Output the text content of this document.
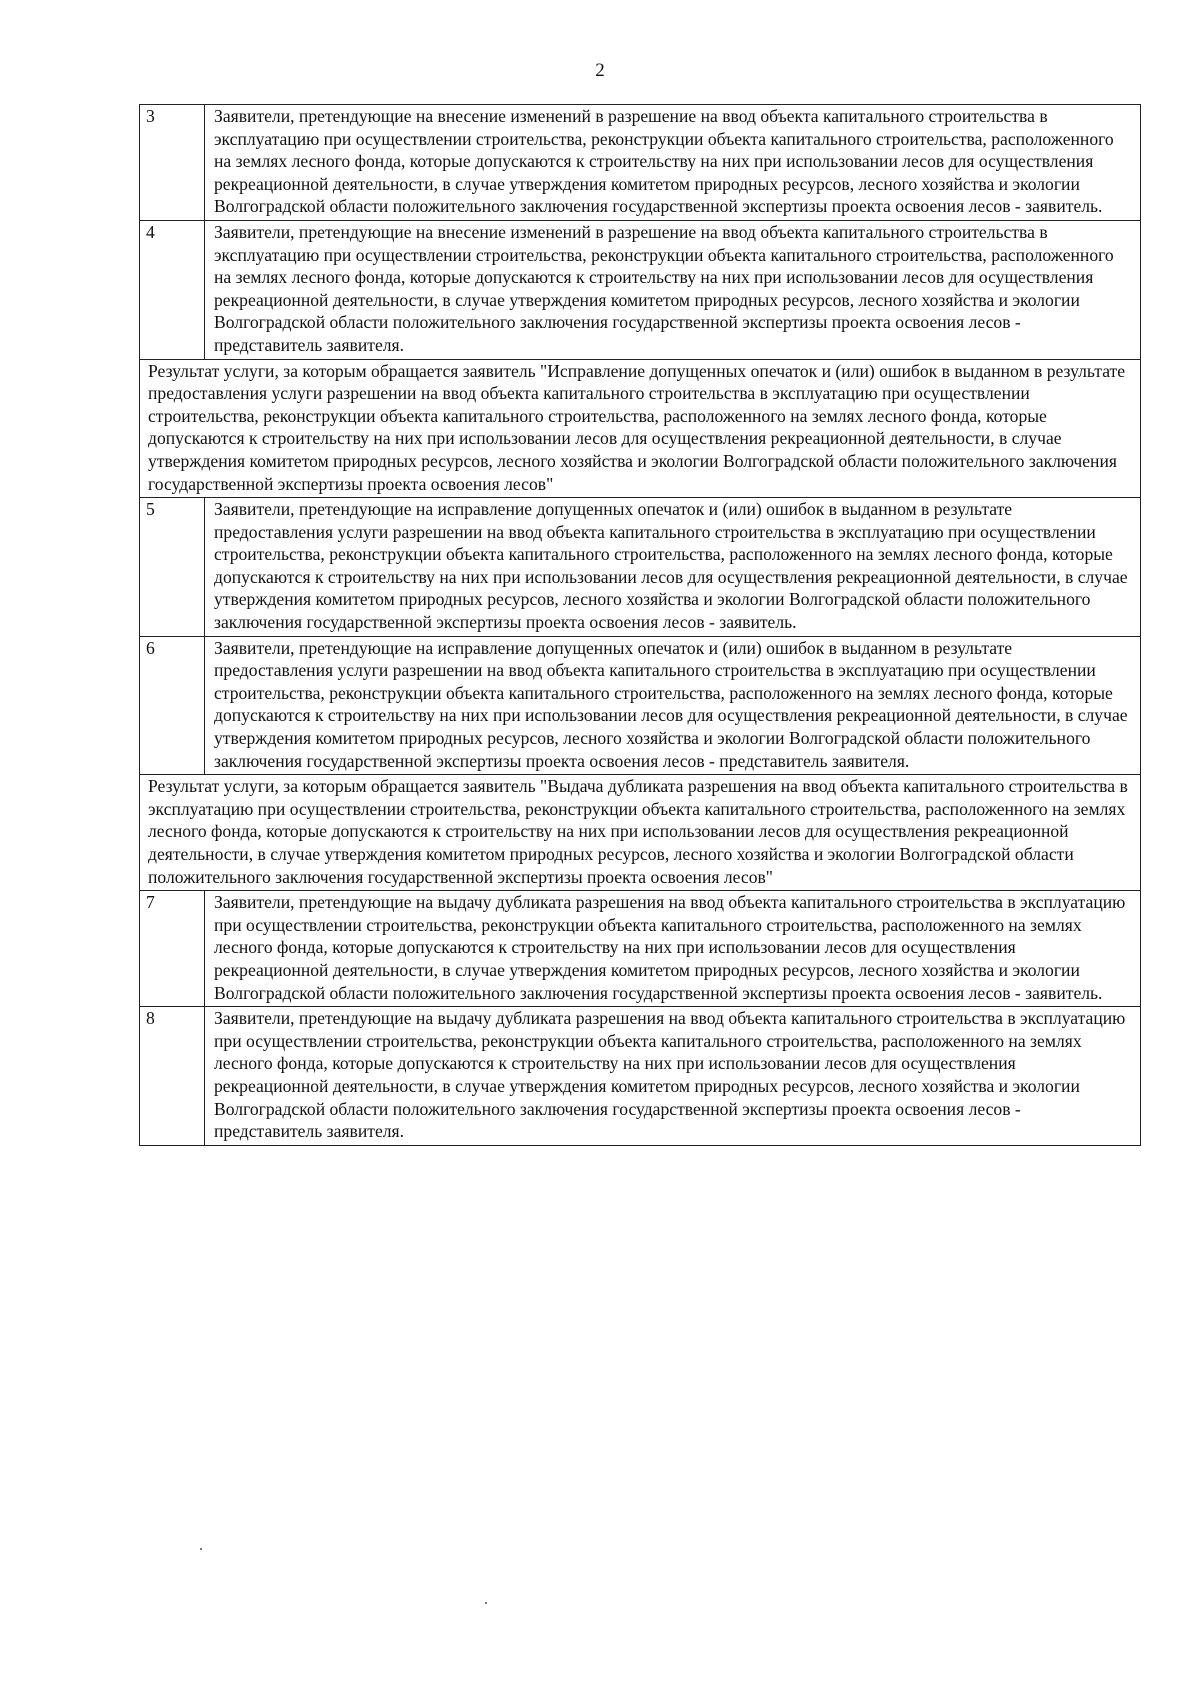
2
3	Заявители, претендующие на внесение изменений в разрешение на ввод объекта капитального строительства в эксплуатацию при осуществлении строительства, реконструкции объекта капитального строительства, расположенного на землях лесного фонда, которые допускаются к строительству на них при использовании лесов для осуществления рекреационной деятельности, в случае утверждения комитетом природных ресурсов, лесного хозяйства и экологии Волгоградской области положительного заключения государственной экспертизы проекта освоения лесов - заявитель.
4	Заявители, претендующие на внесение изменений в разрешение на ввод объекта капитального строительства в эксплуатацию при осуществлении строительства, реконструкции объекта капитального строительства, расположенного на землях лесного фонда, которые допускаются к строительству на них при использовании лесов для осуществления рекреационной деятельности, в случае утверждения комитетом природных ресурсов, лесного хозяйства и экологии Волгоградской области положительного заключения государственной экспертизы проекта освоения лесов - представитель заявителя.
Результат услуги, за которым обращается заявитель "Исправление допущенных опечаток и (или) ошибок в выданном в результате предоставления услуги разрешении на ввод объекта капитального строительства в эксплуатацию при осуществлении строительства, реконструкции объекта капитального строительства, расположенного на землях лесного фонда, которые допускаются к строительству на них при использовании лесов для осуществления рекреационной деятельности, в случае утверждения комитетом природных ресурсов, лесного хозяйства и экологии Волгоградской области положительного заключения государственной экспертизы проекта освоения лесов"	
5	Заявители, претендующие на исправление допущенных опечаток и (или) ошибок в выданном в результате предоставления услуги разрешении на ввод объекта капитального строительства в эксплуатацию при осуществлении строительства, реконструкции объекта капитального строительства, расположенного на землях лесного фонда, которые допускаются к строительству на них при использовании лесов для осуществления рекреационной деятельности, в случае утверждения комитетом природных ресурсов, лесного хозяйства и экологии Волгоградской области положительного заключения государственной экспертизы проекта освоения лесов - заявитель.
6	Заявители, претендующие на исправление допущенных опечаток и (или) ошибок в выданном в результате предоставления услуги разрешении на ввод объекта капитального строительства в эксплуатацию при осуществлении строительства, реконструкции объекта капитального строительства, расположенного на землях лесного фонда, которые допускаются к строительству на них при использовании лесов для осуществления рекреационной деятельности, в случае утверждения комитетом природных ресурсов, лесного хозяйства и экологии Волгоградской области положительного заключения государственной экспертизы проекта освоения лесов - представитель заявителя.
Результат услуги, за которым обращается заявитель "Выдача дубликата разрешения на ввод объекта капитального строительства в эксплуатацию при осуществлении строительства, реконструкции объекта капитального строительства, расположенного на землях лесного фонда, которые допускаются к строительству на них при использовании лесов для осуществления рекреационной деятельности, в случае утверждения комитетом природных ресурсов, лесного хозяйства и экологии Волгоградской области положительного заключения государственной экспертизы проекта освоения лесов"	
7	Заявители, претендующие на выдачу дубликата разрешения на ввод объекта капитального строительства в эксплуатацию при осуществлении строительства, реконструкции объекта капитального строительства, расположенного на землях лесного фонда, которые допускаются к строительству на них при использовании лесов для осуществления рекреационной деятельности, в случае утверждения комитетом природных ресурсов, лесного хозяйства и экологии Волгоградской области положительного заключения государственной экспертизы проекта освоения лесов - заявитель.
8	Заявители, претендующие на выдачу дубликата разрешения на ввод объекта капитального строительства в эксплуатацию при осуществлении строительства, реконструкции объекта капитального строительства, расположенного на землях лесного фонда, которые допускаются к строительству на них при использовании лесов для осуществления рекреационной деятельности, в случае утверждения комитетом природных ресурсов, лесного хозяйства и экологии Волгоградской области положительного заключения государственной экспертизы проекта освоения лесов - представитель заявителя.
